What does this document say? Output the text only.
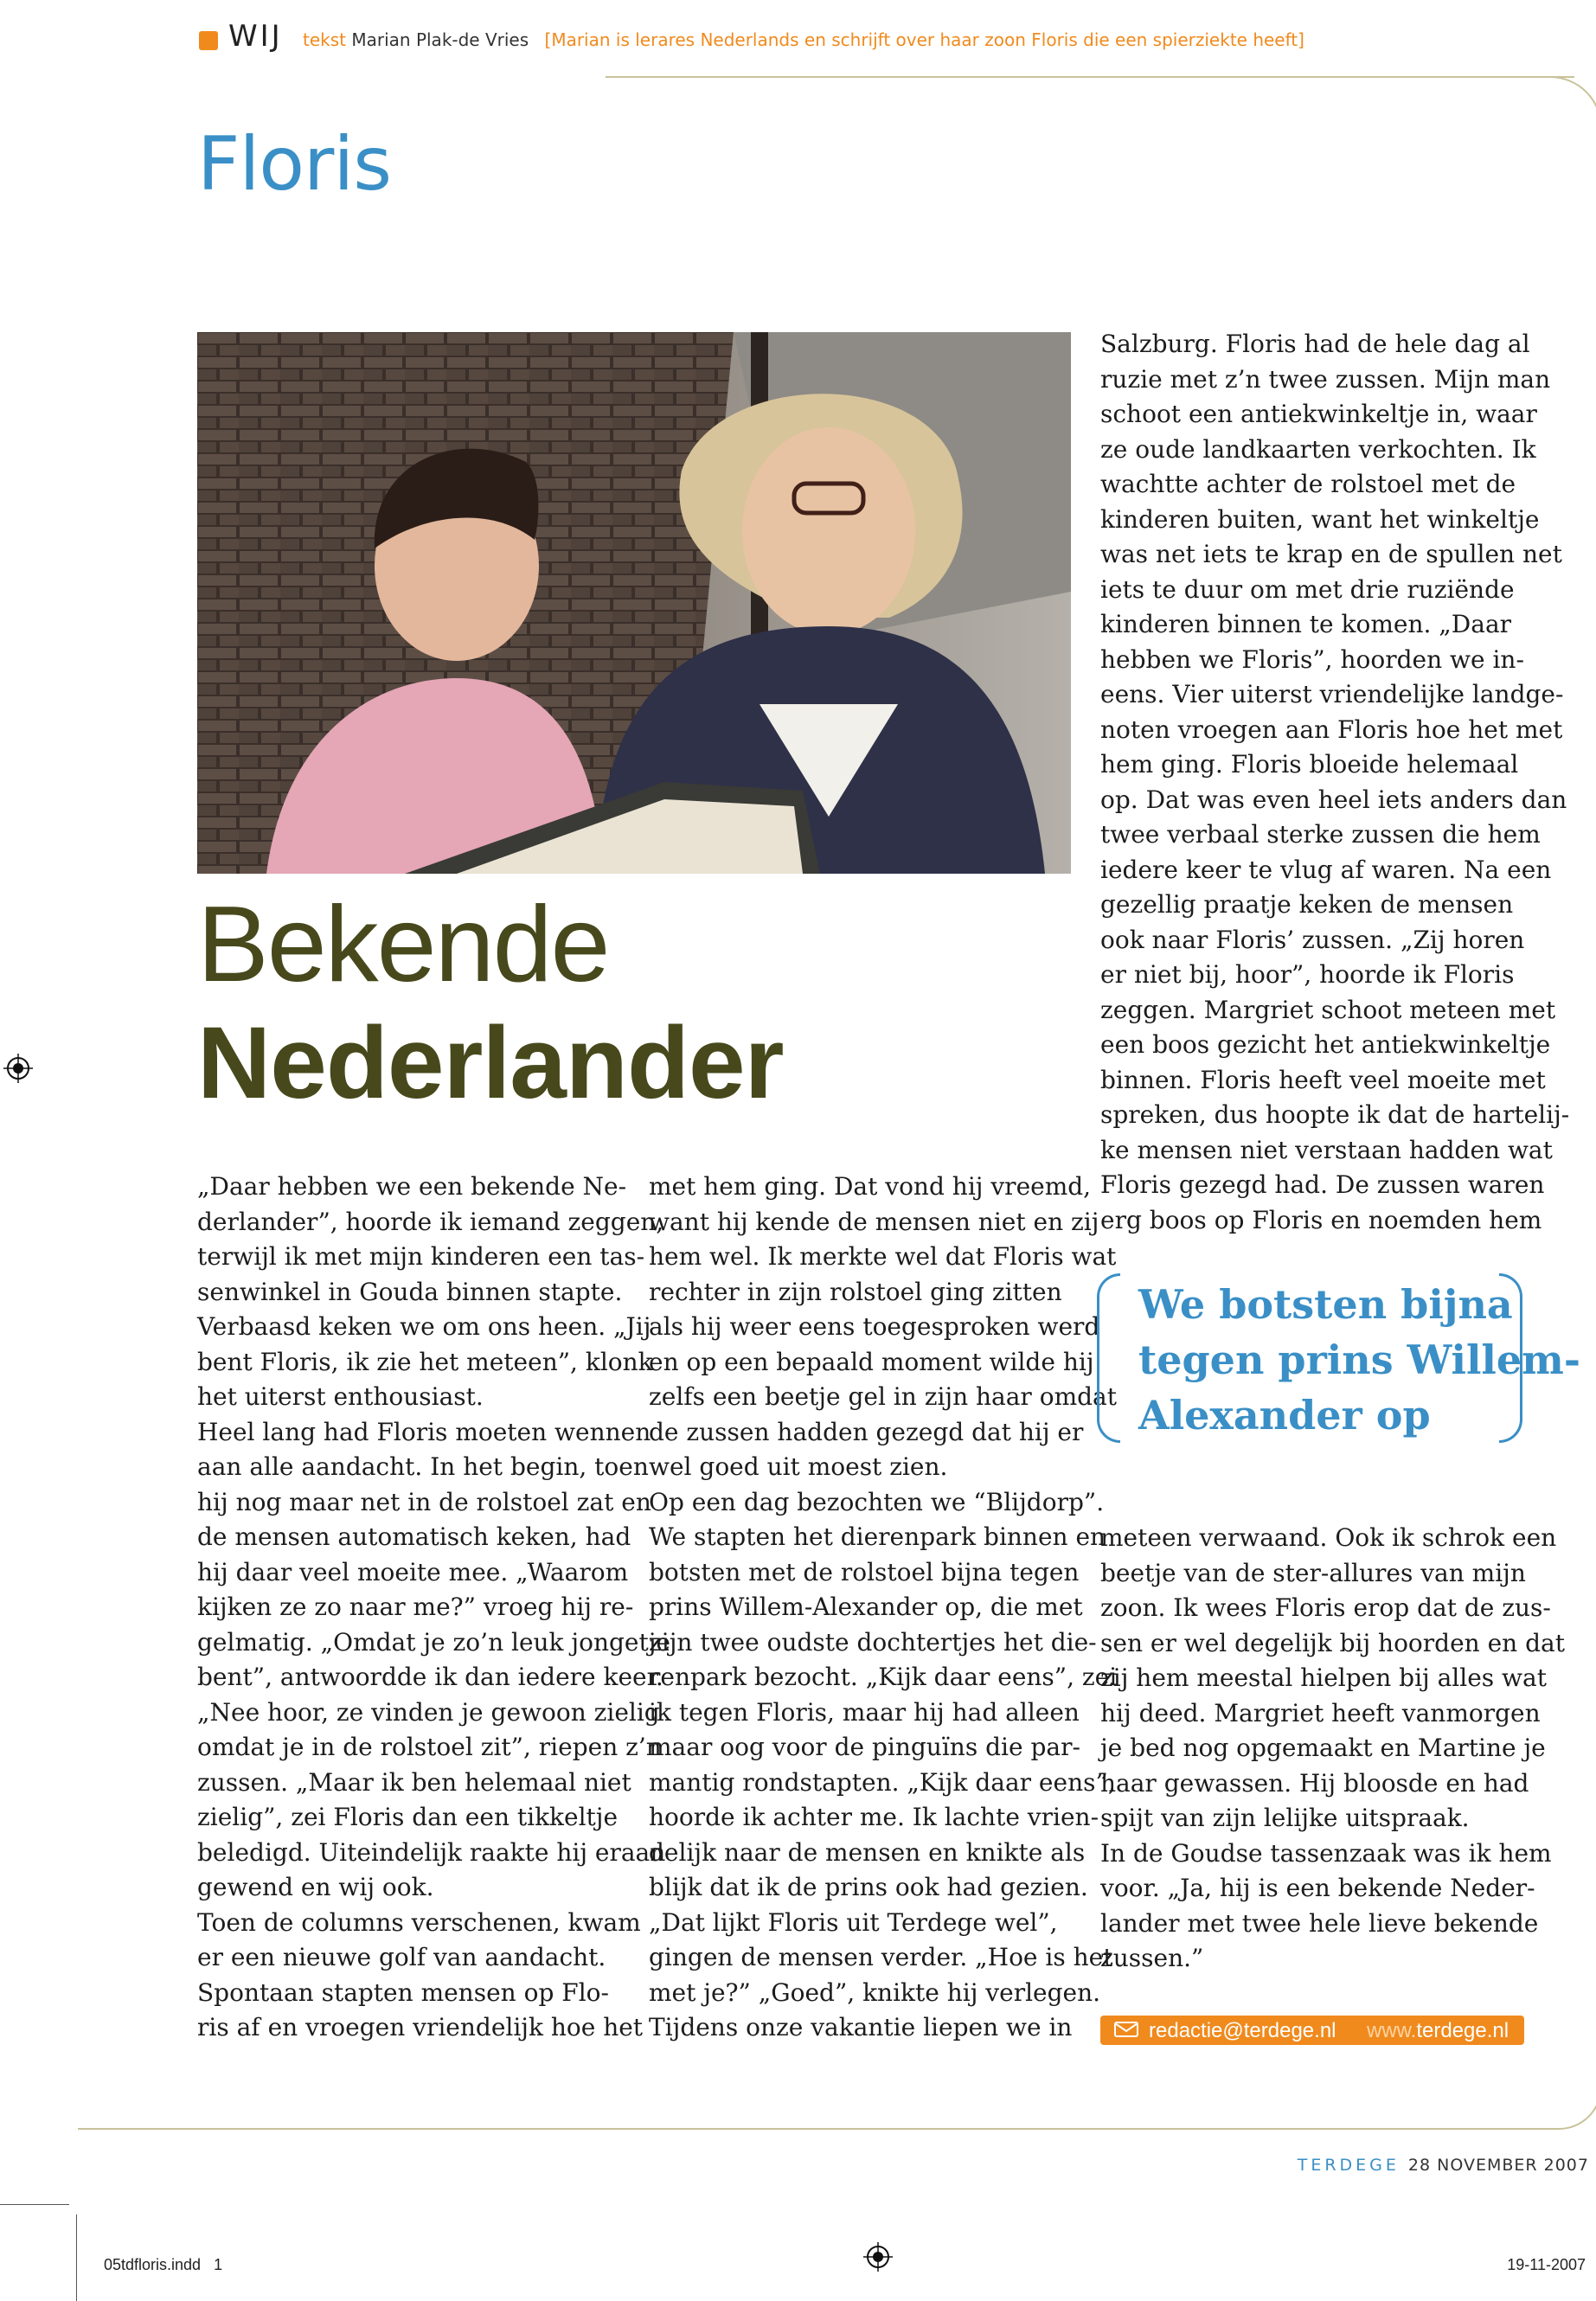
WIJ tekst Marian Plak-de Vries [Marian is lerares Nederlands en schrijft over haar zoon Floris die een spierziekte heeft]
Floris
Bekende
Nederlander

„Daar hebben we een bekende Ne-

derlander”, hoorde ik iemand zeggen,

terwijl ik met mijn kinderen een tas-

senwinkel in Gouda binnen stapte.

Verbaasd keken we om ons heen. „Jij

bent Floris, ik zie het meteen”, klonk

het uiterst enthousiast.

Heel lang had Floris moeten wennen

aan alle aandacht. In het begin, toen

hij nog maar net in de rolstoel zat en

de mensen automatisch keken, had

hij daar veel moeite mee. „Waarom

kijken ze zo naar me?” vroeg hij re-

gelmatig. „Omdat je zo’n leuk jongetje

bent”, antwoordde ik dan iedere keer.

„Nee hoor, ze vinden je gewoon zielig

omdat je in de rolstoel zit”, riepen z’n

zussen. „Maar ik ben helemaal niet

zielig”, zei Floris dan een tikkeltje

beledigd. Uiteindelijk raakte hij eraan

gewend en wij ook.

Toen de columns verschenen, kwam

er een nieuwe golf van aandacht.

Spontaan stapten mensen op Flo-

ris af en vroegen vriendelijk hoe het

met hem ging. Dat vond hij vreemd,

want hij kende de mensen niet en zij

hem wel. Ik merkte wel dat Floris wat

rechter in zijn rolstoel ging zitten

als hij weer eens toegesproken werd

en op een bepaald moment wilde hij

zelfs een beetje gel in zijn haar omdat

de zussen hadden gezegd dat hij er

wel goed uit moest zien.

Op een dag bezochten we “Blijdorp”.

We stapten het dierenpark binnen en

botsten met de rolstoel bijna tegen

prins Willem-Alexander op, die met

zijn twee oudste dochtertjes het die-

renpark bezocht. „Kijk daar eens”, zei

ik tegen Floris, maar hij had alleen

maar oog voor de pinguïns die par-

mantig rondstapten. „Kijk daar eens”,

hoorde ik achter me. Ik lachte vrien-

delijk naar de mensen en knikte als

blijk dat ik de prins ook had gezien.

„Dat lijkt Floris uit Terdege wel”,

gingen de mensen verder. „Hoe is het

met je?” „Goed”, knikte hij verlegen.

Tijdens onze vakantie liepen we in

Salzburg. Floris had de hele dag al

ruzie met z’n twee zussen. Mijn man

schoot een antiekwinkeltje in, waar

ze oude landkaarten verkochten. Ik

wachtte achter de rolstoel met de

kinderen buiten, want het winkeltje

was net iets te krap en de spullen net

iets te duur om met drie ruziënde

kinderen binnen te komen. „Daar

hebben we Floris”, hoorden we in-

eens. Vier uiterst vriendelijke landge-

noten vroegen aan Floris hoe het met

hem ging. Floris bloeide helemaal

op. Dat was even heel iets anders dan

twee verbaal sterke zussen die hem

iedere keer te vlug af waren. Na een

gezellig praatje keken de mensen

ook naar Floris’ zussen. „Zij horen

er niet bij, hoor”, hoorde ik Floris

zeggen. Margriet schoot meteen met

een boos gezicht het antiekwinkeltje

binnen. Floris heeft veel moeite met

spreken, dus hoopte ik dat de hartelij-

ke mensen niet verstaan hadden wat

Floris gezegd had. De zussen waren

erg boos op Floris en noemden hem

We botsten bijna
tegen prins Willem-
Alexander op

meteen verwaand. Ook ik schrok een

beetje van de ster-allures van mijn

zoon. Ik wees Floris erop dat de zus-

sen er wel degelijk bij hoorden en dat

zij hem meestal hielpen bij alles wat

hij deed. Margriet heeft vanmorgen

je bed nog opgemaakt en Martine je

haar gewassen. Hij bloosde en had

spijt van zijn lelijke uitspraak.

In de Goudse tassenzaak was ik hem

voor. „Ja, hij is een bekende Neder-

lander met twee hele lieve bekende

zussen.”

redactie@terdege.nl www.terdege.nl
TERDEGE 28 NOVEMBER 2007
05tdfloris.indd   1	19-11-2007
